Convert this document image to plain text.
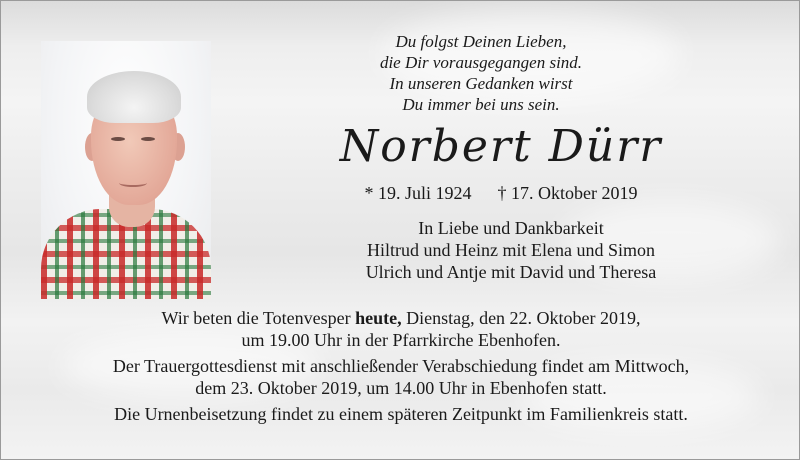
Du folgst Deinen Lieben,
die Dir vorausgegangen sind.
In unseren Gedanken wirst
Du immer bei uns sein.
Norbert Dürr
* 19. Juli 1924 † 17. Oktober 2019
In Liebe und Dankbarkeit
Hiltrud und Heinz mit Elena und Simon
Ulrich und Antje mit David und Theresa
Wir beten die Totenvesper heute, Dienstag, den 22. Oktober 2019,
um 19.00 Uhr in der Pfarrkirche Ebenhofen.
Der Trauergottesdienst mit anschließender Verabschiedung findet am Mittwoch,
dem 23. Oktober 2019, um 14.00 Uhr in Ebenhofen statt.
Die Urnenbeisetzung findet zu einem späteren Zeitpunkt im Familienkreis statt.
